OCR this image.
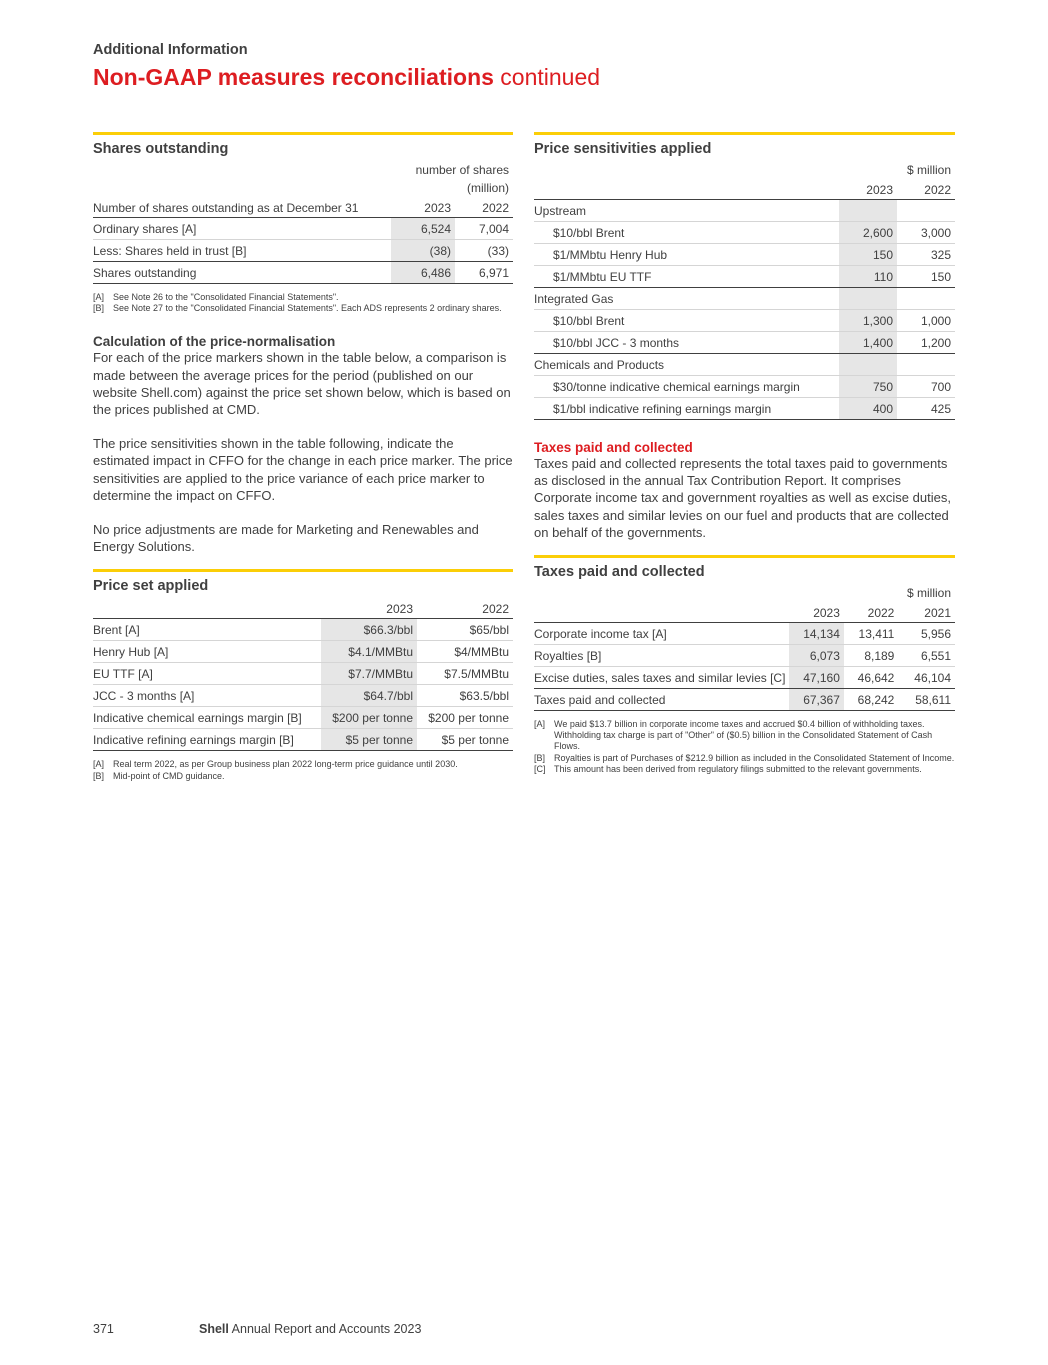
Additional Information
Non-GAAP measures reconciliations continued
Shares outstanding
	number of shares	
	(million)	
Number of shares outstanding as at December 31	2023	2022
Ordinary shares [A]	6,524	7,004
Less: Shares held in trust [B]	(38)	(33)
Shares outstanding	6,486	6,971
[A] See Note 26 to the "Consolidated Financial Statements".
[B] See Note 27 to the "Consolidated Financial Statements". Each ADS represents 2 ordinary shares.
Calculation of the price-normalisation
For each of the price markers shown in the table below, a comparison is made between the average prices for the period (published on our website Shell.com) against the price set shown below, which is based on the prices published at CMD.
The price sensitivities shown in the table following, indicate the estimated impact in CFFO for the change in each price marker. The price sensitivities are applied to the price variance of each price marker to determine the impact on CFFO.
No price adjustments are made for Marketing and Renewables and Energy Solutions.
Price set applied
	2023	2022
Brent [A]	$66.3/bbl	$65/bbl
Henry Hub [A]	$4.1/MMBtu	$4/MMBtu
EU TTF [A]	$7.7/MMBtu	$7.5/MMBtu
JCC - 3 months [A]	$64.7/bbl	$63.5/bbl
Indicative chemical earnings margin [B]	$200 per tonne	$200 per tonne
Indicative refining earnings margin [B]	$5 per tonne	$5 per tonne
[A] Real term 2022, as per Group business plan 2022 long-term price guidance until 2030.
[B] Mid-point of CMD guidance.
Price sensitivities applied
	$ million	
	2023	2022
Upstream		
$10/bbl Brent	2,600	3,000
$1/MMbtu Henry Hub	150	325
$1/MMbtu EU TTF	110	150
Integrated Gas		
$10/bbl Brent	1,300	1,000
$10/bbl JCC - 3 months	1,400	1,200
Chemicals and Products		
$30/tonne indicative chemical earnings margin	750	700
$1/bbl indicative refining earnings margin	400	425
Taxes paid and collected
Taxes paid and collected represents the total taxes paid to governments as disclosed in the annual Tax Contribution Report. It comprises Corporate income tax and government royalties as well as excise duties, sales taxes and similar levies on our fuel and products that are collected on behalf of the governments.
Taxes paid and collected
		$ million	
	2023	2022	2021
Corporate income tax [A]	14,134	13,411	5,956
Royalties [B]	6,073	8,189	6,551
Excise duties, sales taxes and similar levies [C]	47,160	46,642	46,104
Taxes paid and collected	67,367	68,242	58,611
[A] We paid $13.7 billion in corporate income taxes and accrued $0.4 billion of withholding taxes. Withholding tax charge is part of "Other" of ($0.5) billion in the Consolidated Statement of Cash Flows.
[B] Royalties is part of Purchases of $212.9 billion as included in the Consolidated Statement of Income.
[C] This amount has been derived from regulatory filings submitted to the relevant governments.
371	Shell Annual Report and Accounts 2023
